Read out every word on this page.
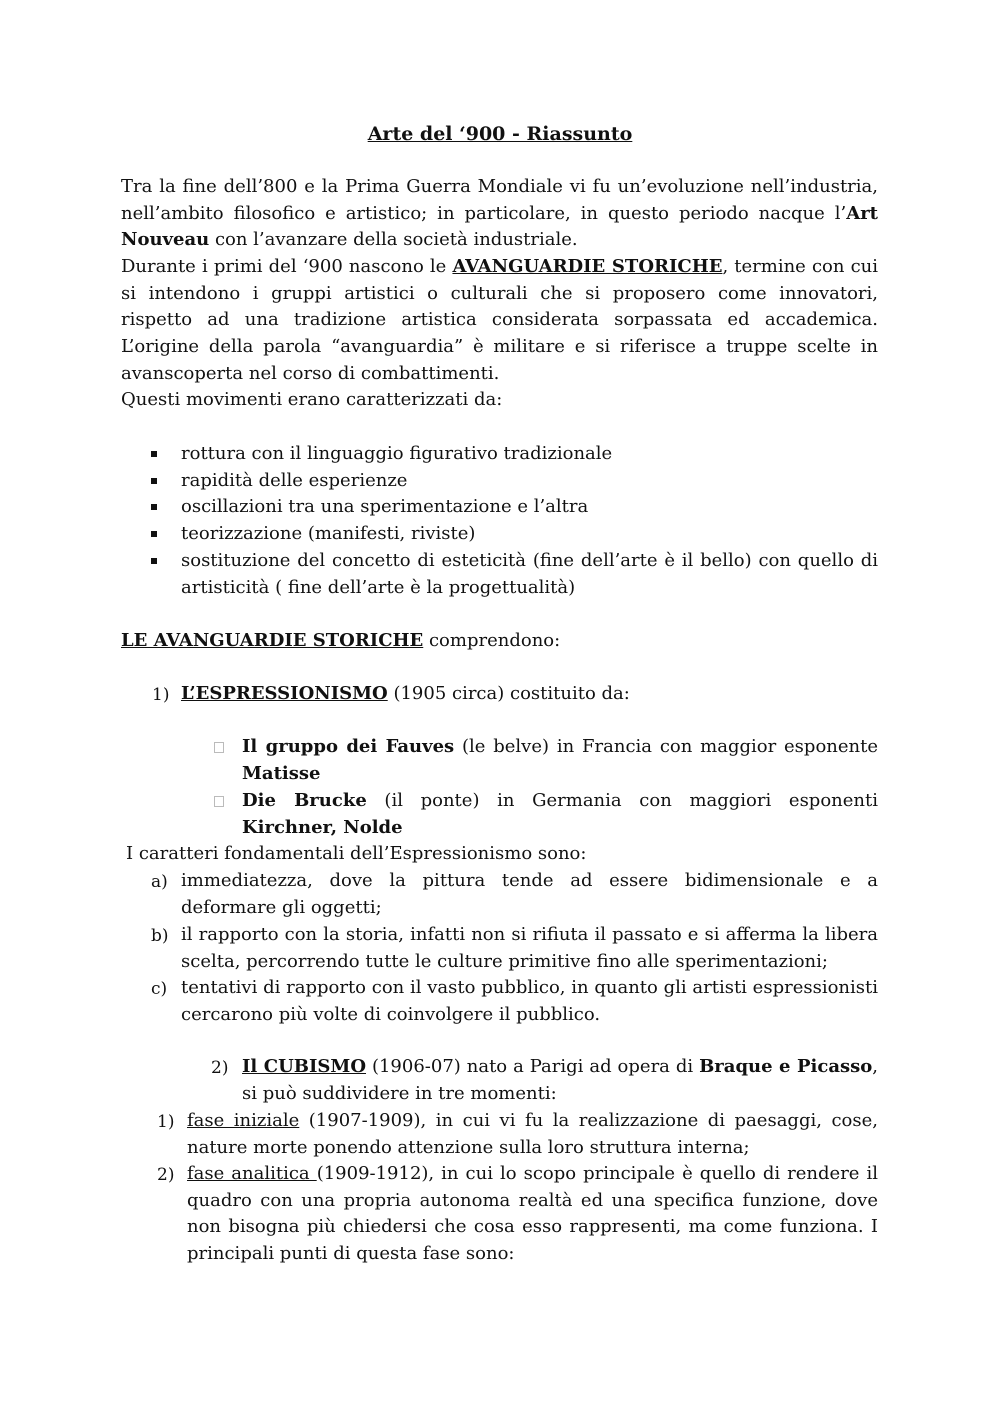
Arte del ‘900 - Riassunto
Tra la fine dell’800 e la Prima Guerra Mondiale vi fu un’evoluzione nell’industria, nell’ambito filosofico e artistico; in particolare, in questo periodo nacque l’Art Nouveau con l’avanzare della società industriale.
Durante i primi del ‘900 nascono le AVANGUARDIE STORICHE, termine con cui si intendono i gruppi artistici o culturali che si proposero come innovatori, rispetto ad una tradizione artistica considerata sorpassata ed accademica. L’origine della parola “avanguardia” è militare e si riferisce a truppe scelte in avanscoperta nel corso di combattimenti.
Questi movimenti erano caratterizzati da:
rottura con il linguaggio figurativo tradizionale
rapidità delle esperienze
oscillazioni tra una sperimentazione e l’altra
teorizzazione (manifesti, riviste)
sostituzione del concetto di esteticità (fine dell’arte è il bello) con quello di artisticità ( fine dell’arte è la progettualità)
LE AVANGUARDIE STORICHE comprendono:
1) L’ESPRESSIONISMO (1905 circa) costituito da:
Il gruppo dei Fauves (le belve) in Francia con maggior esponente Matisse
Die Brucke (il ponte) in Germania con maggiori esponenti Kirchner, Nolde
I caratteri fondamentali dell’Espressionismo sono:
a) immediatezza, dove la pittura tende ad essere bidimensionale e a deformare gli oggetti;
b) il rapporto con la storia, infatti non si rifiuta il passato e si afferma la libera scelta, percorrendo tutte le culture primitive fino alle sperimentazioni;
c) tentativi di rapporto con il vasto pubblico, in quanto gli artisti espressionisti cercarono più volte di coinvolgere il pubblico.
2) Il CUBISMO (1906-07) nato a Parigi ad opera di Braque e Picasso, si può suddividere in tre momenti:
1) fase iniziale (1907-1909), in cui vi fu la realizzazione di paesaggi, cose, nature morte ponendo attenzione sulla loro struttura interna;
2) fase analitica (1909-1912), in cui lo scopo principale è quello di rendere il quadro con una propria autonoma realtà ed una specifica funzione, dove non bisogna più chiedersi che cosa esso rappresenti, ma come funziona. I principali punti di questa fase sono:
